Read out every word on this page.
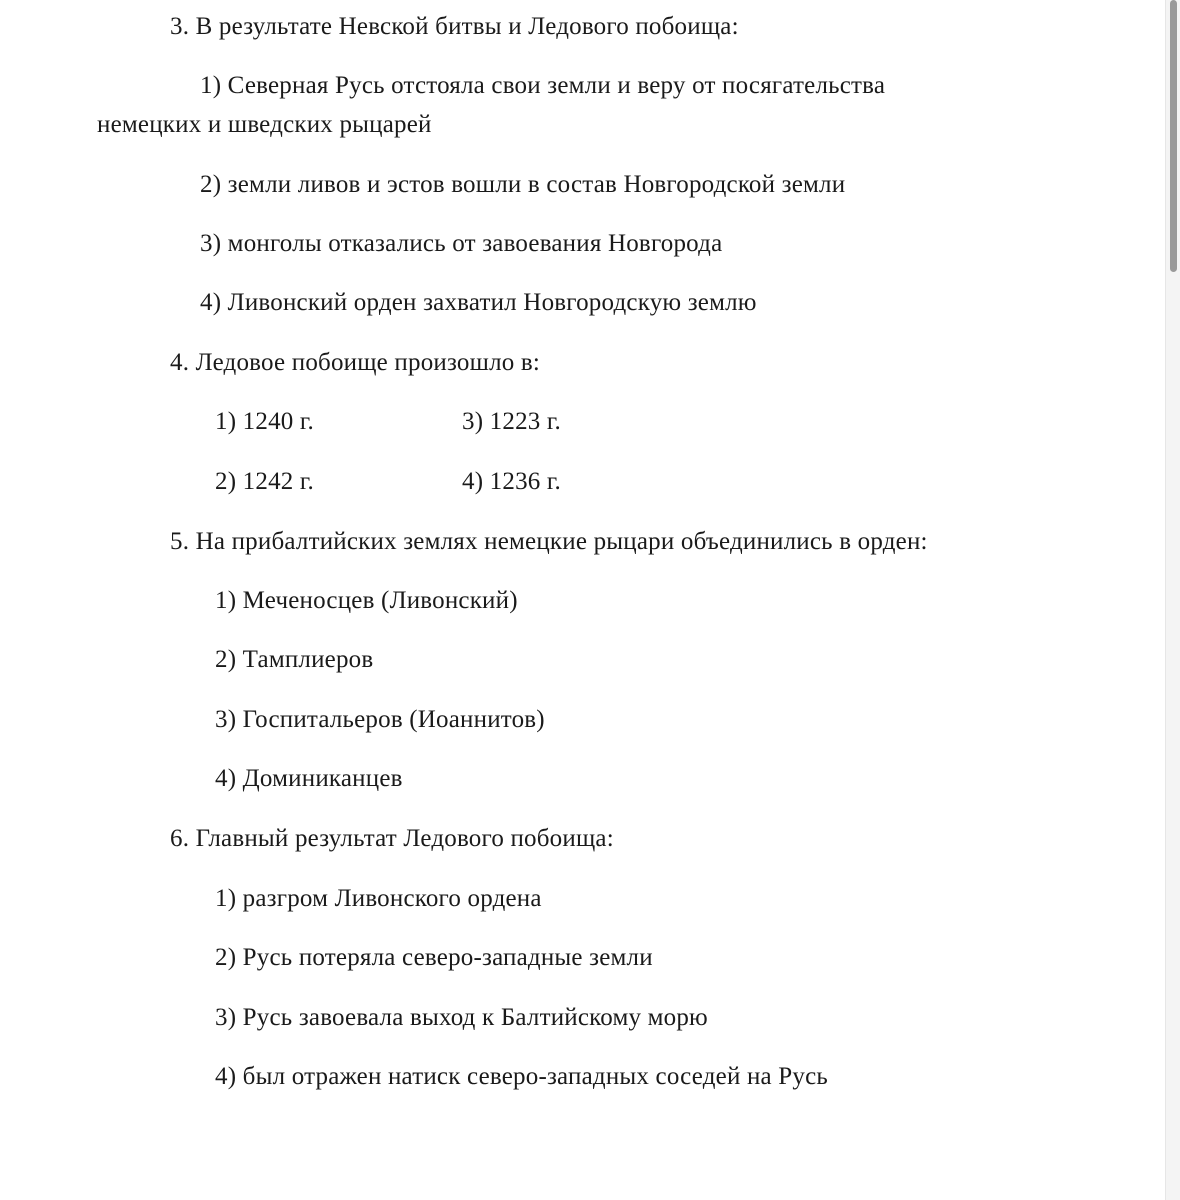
3. В результате Невской битвы и Ледового побоища:
1) Северная Русь отстояла свои земли и веру от посягательства
немецких и шведских рыцарей
2) земли ливов и эстов вошли в состав Новгородской земли
3) монголы отказались от завоевания Новгорода
4) Ливонский орден захватил Новгородскую землю
4. Ледовое побоище произошло в:
1) 1240 г.	3) 1223 г.
2) 1242 г.	4) 1236 г.
5. На прибалтийских землях немецкие рыцари объединились в орден:
1) Меченосцев (Ливонский)
2) Тамплиеров
3) Госпитальеров (Иоаннитов)
4) Доминиканцев
6. Главный результат Ледового побоища:
1) разгром Ливонского ордена
2) Русь потеряла северо-западные земли
3) Русь завоевала выход к Балтийскому морю
4) был отражен натиск северо-западных соседей на Русь
